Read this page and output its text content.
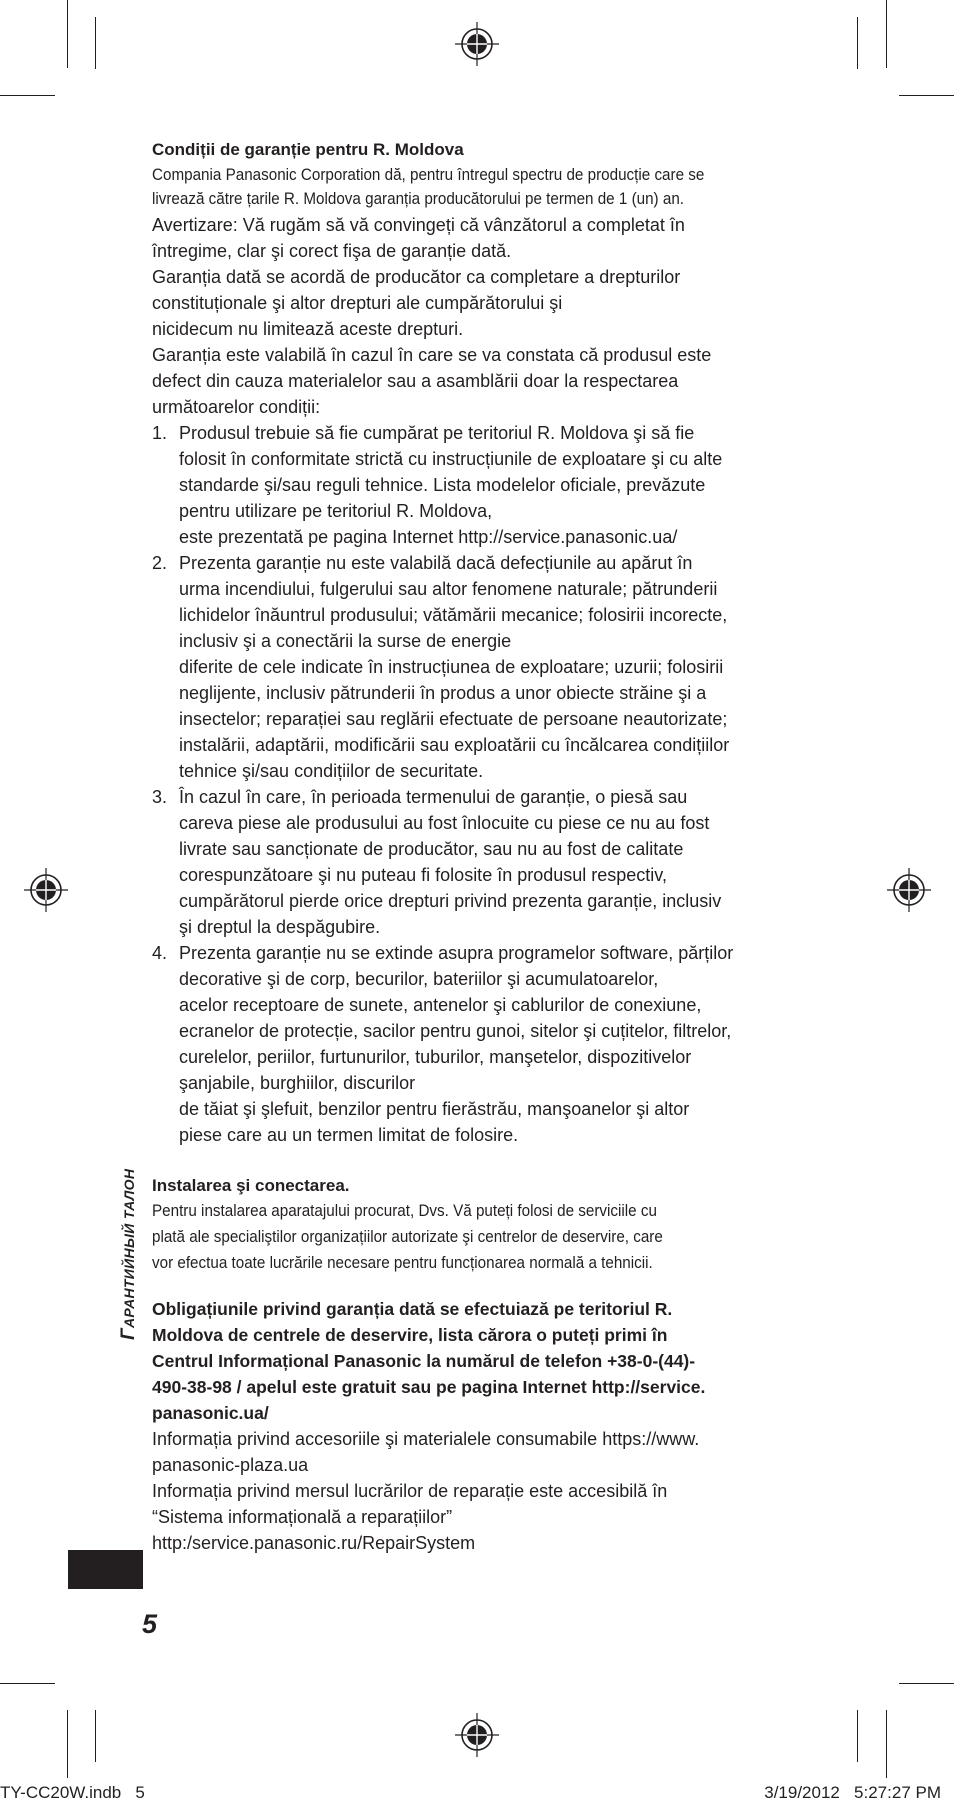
Condiții de garanție pentru R. Moldova

Compania Panasonic Corporation dă, pentru întregul spectru de producție care se

livrează către țarile R. Moldova garanția producătorului pe termen de 1 (un) an.

Avertizare: Vă rugăm să vă convingeți că vânzătorul a completat în

întregime, clar şi corect fişa de garanție dată.

Garanția dată se acordă de producător ca completare a drepturilor

constituționale şi altor drepturi ale cumpărătorului şi

nicidecum nu limitează aceste drepturi.

Garanția este valabilă în cazul în care se va constata că produsul este

defect din cauza materialelor sau a asamblării doar la respectarea

următoarelor condiții:

1. Produsul trebuie să fie cumpărat pe teritoriul R. Moldova şi să fie
folosit în conformitate strictă cu instrucțiunile de exploatare şi cu alte
standarde şi/sau reguli tehnice. Lista modelelor oficiale, prevăzute
pentru utilizare pe teritoriul R. Moldova,
este prezentată pe pagina Internet http://service.panasonic.ua/
2. Prezenta garanție nu este valabilă dacă defecțiunile au apărut în
urma incendiului, fulgerului sau altor fenomene naturale; pătrunderii
lichidelor înăuntrul produsului; vătămării mecanice; folosirii incorecte,
inclusiv şi a conectării la surse de energie
diferite de cele indicate în instrucțiunea de exploatare; uzurii; folosirii
neglijente, inclusiv pătrunderii în produs a unor obiecte străine şi a
insectelor; reparației sau reglării efectuate de persoane neautorizate;
instalării, adaptării, modificării sau exploatării cu încălcarea condițiilor
tehnice şi/sau condițiilor de securitate.
3. În cazul în care, în perioada termenului de garanție, o piesă sau
careva piese ale produsului au fost înlocuite cu piese ce nu au fost
livrate sau sancționate de producător, sau nu au fost de calitate
corespunzătoare şi nu puteau fi folosite în produsul respectiv,
cumpărătorul pierde orice drepturi privind prezenta garanție, inclusiv
şi dreptul la despăgubire.
4. Prezenta garanție nu se extinde asupra programelor software, părților
decorative şi de corp, becurilor, bateriilor şi acumulatoarelor,
acelor receptoare de sunete, antenelor şi cablurilor de conexiune,
ecranelor de protecție, sacilor pentru gunoi, sitelor şi cuțitelor, filtrelor,
curelelor, periilor, furtunurilor, tuburilor, manşetelor, dispozitivelor
şanjabile, burghiilor, discurilor
de tăiat şi şlefuit, benzilor pentru fierăstrău, manşoanelor şi altor
piese care au un termen limitat de folosire.

Instalarea şi conectarea.

Pentru instalarea aparatajului procurat, Dvs. Vă puteți folosi de serviciile cu

plată ale specialiştilor organizațiilor autorizate şi centrelor de deservire, care

vor efectua toate lucrările necesare pentru funcționarea normală a tehnicii.

Obligațiunile privind garanția dată se efectuiază pe teritoriul R.

Moldova de centrele de deservire, lista cărora o puteți primi în

Centrul Informațional Panasonic la numărul de telefon +38-0-(44)-

490-38-98 / apelul este gratuit sau pe pagina Internet http://service.

panasonic.ua/

Informația privind accesoriile şi materialele consumabile https://www.

panasonic-plaza.ua

Informația privind mersul lucrărilor de reparație este accesibilă în

“Sistema informațională a reparațiilor”

http:/service.panasonic.ru/RepairSystem

ГАРАНТИЙНЫЙ ТАЛОН
5
TY-CC20W.indb   5	3/19/2012   5:27:27 PM
